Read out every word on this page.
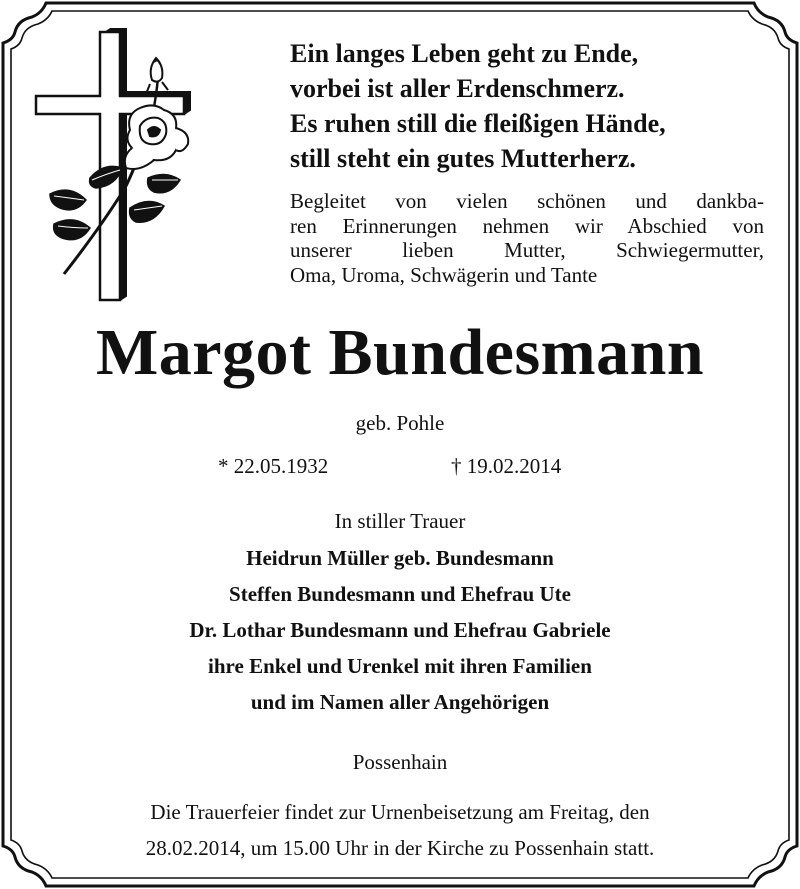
Ein langes Leben geht zu Ende,
vorbei ist aller Erdenschmerz.
Es ruhen still die fleißigen Hände,
still steht ein gutes Mutterherz.
Begleitet von vielen schönen und dankba-
ren Erinnerungen nehmen wir Abschied von
unserer lieben Mutter, Schwiegermutter,
Oma, Uroma, Schwägerin und Tante
Margot Bundesmann
geb. Pohle
* 22.05.1932	† 19.02.2014
In stiller Trauer
Heidrun Müller geb. Bundesmann
Steffen Bundesmann und Ehefrau Ute
Dr. Lothar Bundesmann und Ehefrau Gabriele
ihre Enkel und Urenkel mit ihren Familien
und im Namen aller Angehörigen
Possenhain
Die Trauerfeier findet zur Urnenbeisetzung am Freitag, den
28.02.2014, um 15.00 Uhr in der Kirche zu Possenhain statt.
